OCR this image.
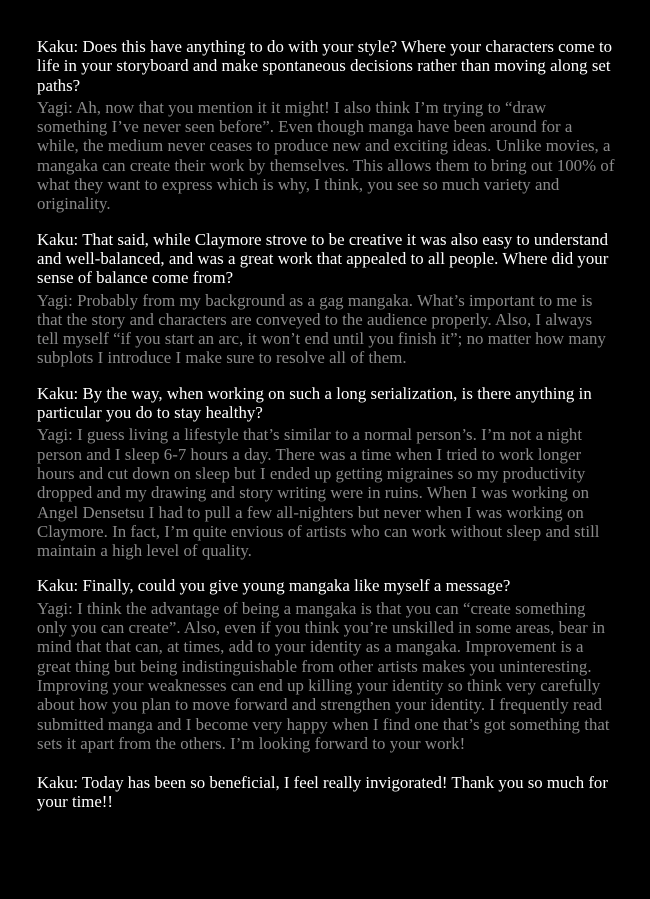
Kaku: Does this have anything to do with your style? Where your characters come to life in your storyboard and make spontaneous decisions rather than moving along set paths?

Yagi: Ah, now that you mention it it might! I also think I’m trying to “draw something I’ve never seen before”. Even though manga have been around for a while, the medium never ceases to produce new and exciting ideas. Unlike movies, a mangaka can create their work by themselves. This allows them to bring out 100% of what they want to express which is why, I think, you see so much variety and originality.

Kaku: That said, while Claymore strove to be creative it was also easy to understand and well-balanced, and was a great work that appealed to all people. Where did your sense of balance come from?

Yagi: Probably from my background as a gag mangaka. What’s important to me is that the story and characters are conveyed to the audience properly. Also, I always tell myself “if you start an arc, it won’t end until you finish it”; no matter how many subplots I introduce I make sure to resolve all of them.

Kaku: By the way, when working on such a long serialization, is there anything in particular you do to stay healthy?

Yagi: I guess living a lifestyle that’s similar to a normal person’s. I’m not a night person and I sleep 6-7 hours a day. There was a time when I tried to work longer hours and cut down on sleep but I ended up getting migraines so my productivity dropped and my drawing and story writing were in ruins. When I was working on Angel Densetsu I had to pull a few all-nighters but never when I was working on Claymore. In fact, I’m quite envious of artists who can work without sleep and still maintain a high level of quality.

Kaku: Finally, could you give young mangaka like myself a message?

Yagi: I think the advantage of being a mangaka is that you can “create something only you can create”. Also, even if you think you’re unskilled in some areas, bear in mind that that can, at times, add to your identity as a mangaka. Improvement is a great thing but being indistinguishable from other artists makes you uninteresting. Improving your weaknesses can end up killing your identity so think very carefully about how you plan to move forward and strengthen your identity. I frequently read submitted manga and I become very happy when I find one that’s got something that sets it apart from the others. I’m looking forward to your work!

Kaku: Today has been so beneficial, I feel really invigorated! Thank you so much for your time!!
